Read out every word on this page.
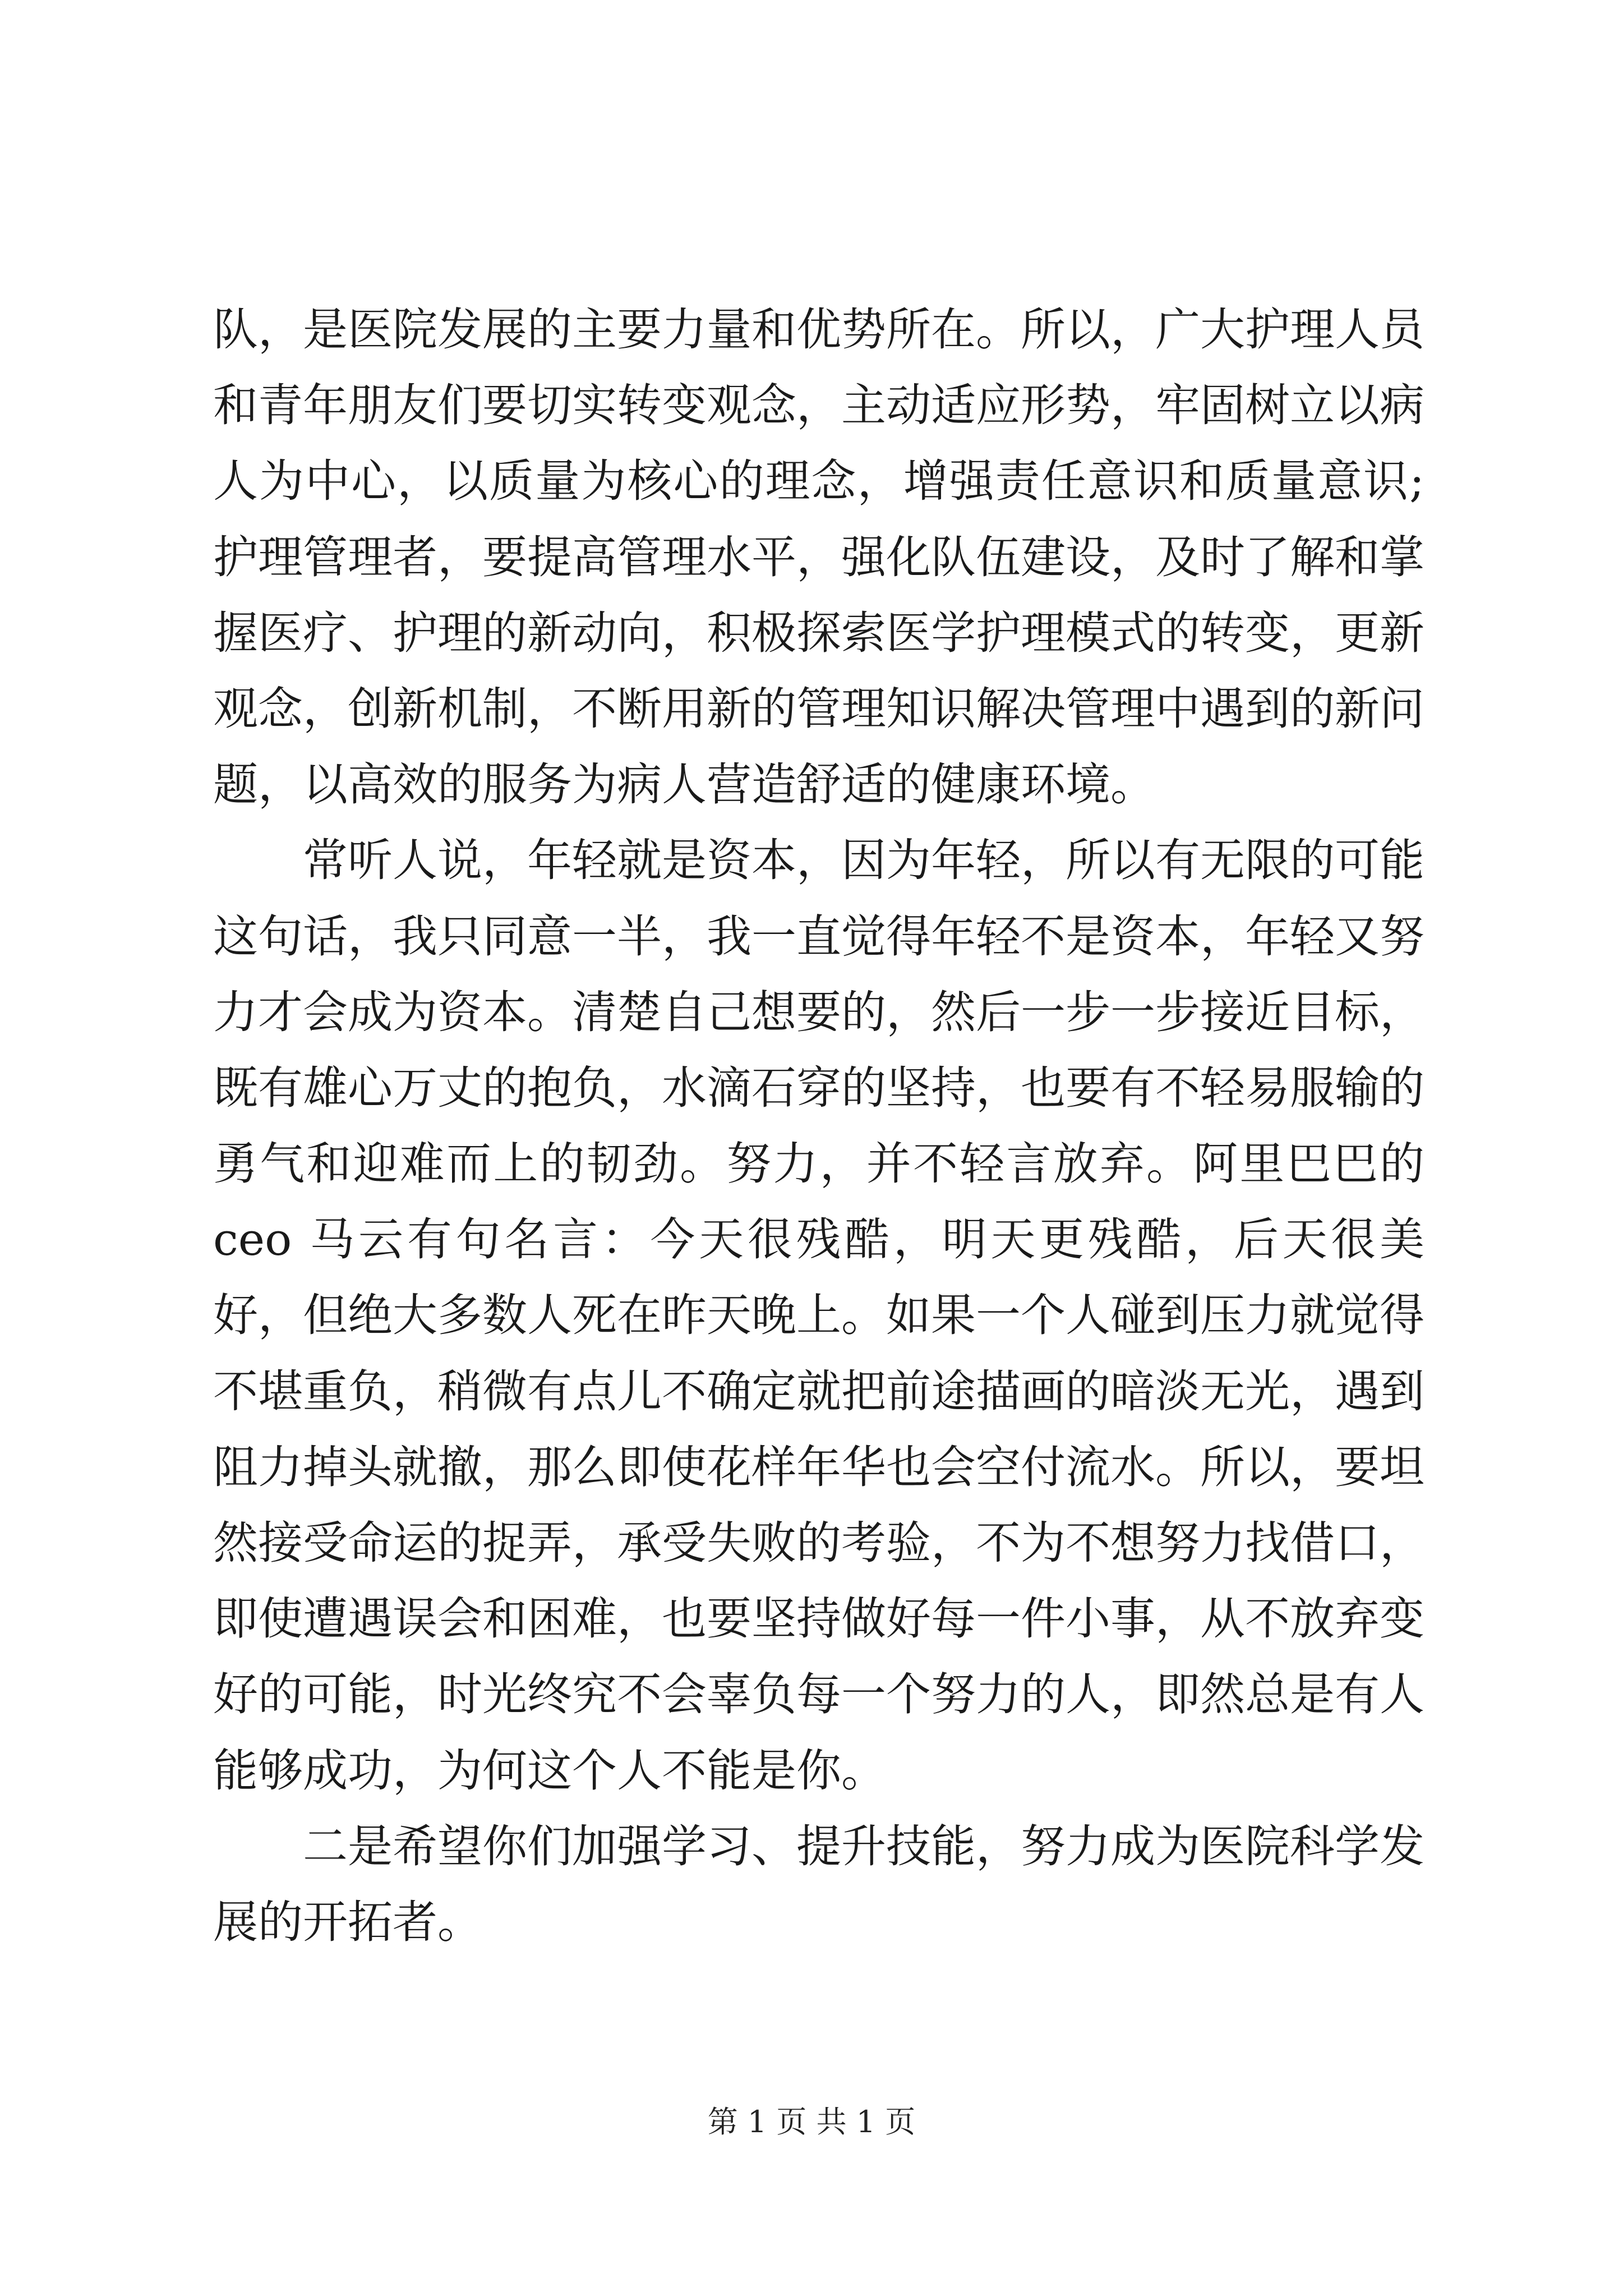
队，是医院发展的主要力量和优势所在。所以，广大护理人员和青年朋友们要切实转变观念，主动适应形势，牢固树立以病人为中心，以质量为核心的理念，增强责任意识和质量意识;护理管理者，要提高管理水平，强化队伍建设，及时了解和掌握医疗、护理的新动向，积极探索医学护理模式的转变，更新观念，创新机制，不断用新的管理知识解决管理中遇到的新问题，以高效的服务为病人营造舒适的健康环境。

常听人说，年轻就是资本，因为年轻，所以有无限的可能这句话，我只同意一半，我一直觉得年轻不是资本，年轻又努力才会成为资本。清楚自己想要的，然后一步一步接近目标，既有雄心万丈的抱负，水滴石穿的坚持，也要有不轻易服输的勇气和迎难而上的韧劲。努力，并不轻言放弃。阿里巴巴的 ceo 马云有句名言：今天很残酷，明天更残酷，后天很美好，但绝大多数人死在昨天晚上。如果一个人碰到压力就觉得不堪重负，稍微有点儿不确定就把前途描画的暗淡无光，遇到阻力掉头就撤，那么即使花样年华也会空付流水。所以，要坦然接受命运的捉弄，承受失败的考验，不为不想努力找借口，即使遭遇误会和困难，也要坚持做好每一件小事，从不放弃变好的可能，时光终究不会辜负每一个努力的人，即然总是有人能够成功，为何这个人不能是你。

二是希望你们加强学习、提升技能，努力成为医院科学发展的开拓者。

第 1 页 共 1 页
